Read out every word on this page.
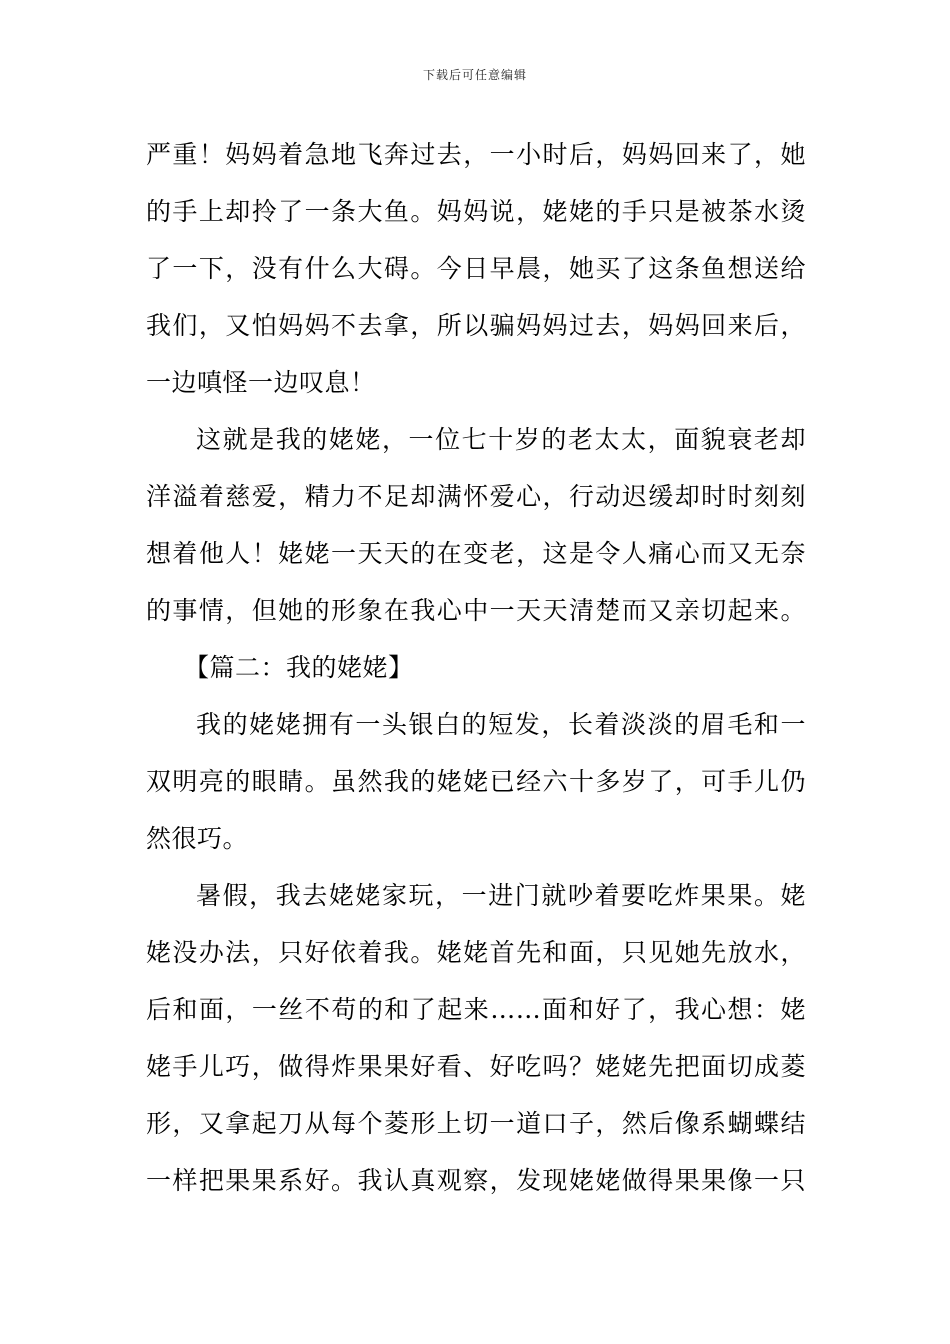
下载后可任意编辑
严重！妈妈着急地飞奔过去，一小时后，妈妈回来了，她
的手上却拎了一条大鱼。妈妈说，姥姥的手只是被茶水烫
了一下，没有什么大碍。今日早晨，她买了这条鱼想送给
我们，又怕妈妈不去拿，所以骗妈妈过去，妈妈回来后，
一边嗔怪一边叹息！
这就是我的姥姥，一位七十岁的老太太，面貌衰老却
洋溢着慈爱，精力不足却满怀爱心，行动迟缓却时时刻刻
想着他人！姥姥一天天的在变老，这是令人痛心而又无奈
的事情，但她的形象在我心中一天天清楚而又亲切起来。
【篇二：我的姥姥】
我的姥姥拥有一头银白的短发，长着淡淡的眉毛和一
双明亮的眼睛。虽然我的姥姥已经六十多岁了，可手儿仍
然很巧。
暑假，我去姥姥家玩，一进门就吵着要吃炸果果。姥
姥没办法，只好依着我。姥姥首先和面，只见她先放水，
后和面，一丝不苟的和了起来……面和好了，我心想：姥
姥手儿巧，做得炸果果好看、好吃吗？姥姥先把面切成菱
形，又拿起刀从每个菱形上切一道口子，然后像系蝴蝶结
一样把果果系好。我认真观察，发现姥姥做得果果像一只
